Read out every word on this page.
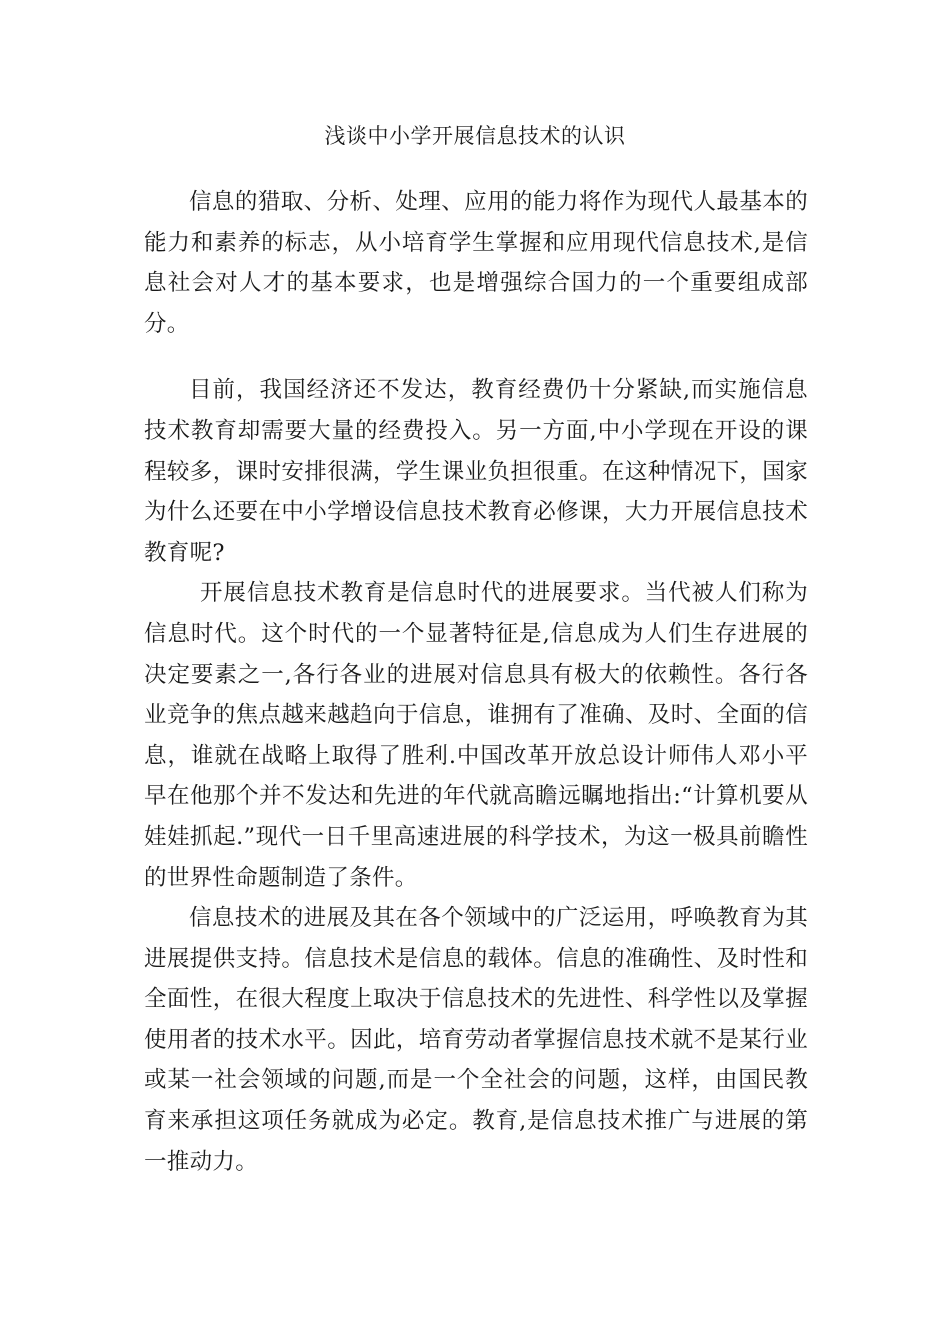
浅谈中小学开展信息技术的认识

信息的猎取、分析、处理、应用的能力将作为现代人最基本的能力和素养的标志，从小培育学生掌握和应用现代信息技术,是信息社会对人才的基本要求，也是增强综合国力的一个重要组成部分。

目前，我国经济还不发达，教育经费仍十分紧缺,而实施信息技术教育却需要大量的经费投入。另一方面,中小学现在开设的课程较多，课时安排很满，学生课业负担很重。在这种情况下，国家为什么还要在中小学增设信息技术教育必修课，大力开展信息技术教育呢?

开展信息技术教育是信息时代的进展要求。当代被人们称为信息时代。这个时代的一个显著特征是,信息成为人们生存进展的决定要素之一,各行各业的进展对信息具有极大的依赖性。各行各业竞争的焦点越来越趋向于信息，谁拥有了准确、及时、全面的信息，谁就在战略上取得了胜利.中国改革开放总设计师伟人邓小平早在他那个并不发达和先进的年代就高瞻远瞩地指出:“计算机要从娃娃抓起.”现代一日千里高速进展的科学技术，为这一极具前瞻性的世界性命题制造了条件。

信息技术的进展及其在各个领域中的广泛运用，呼唤教育为其进展提供支持。信息技术是信息的载体。信息的准确性、及时性和全面性，在很大程度上取决于信息技术的先进性、科学性以及掌握使用者的技术水平。因此，培育劳动者掌握信息技术就不是某行业或某一社会领域的问题,而是一个全社会的问题，这样，由国民教育来承担这项任务就成为必定。教育,是信息技术推广与进展的第一推动力。
